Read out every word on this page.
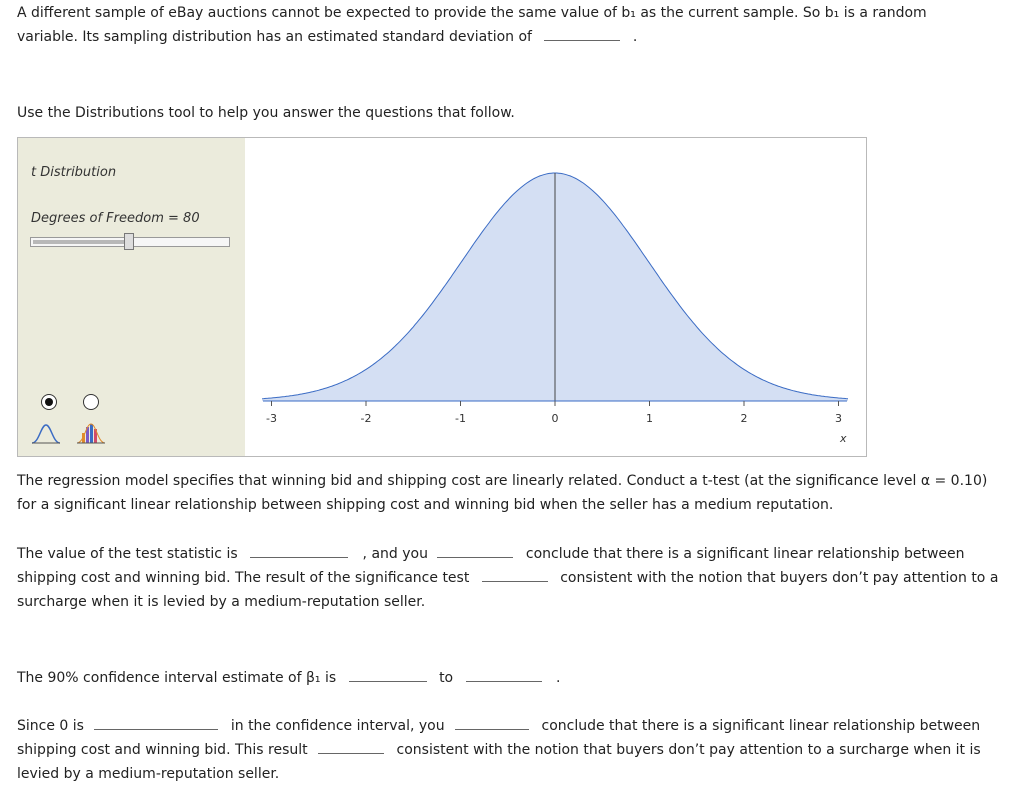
A different sample of eBay auctions cannot be expected to provide the same value of b₁ as the current sample. So b₁ is a random
variable. Its sampling distribution has an estimated standard deviation of	.
Use the Distributions tool to help you answer the questions that follow.
t Distribution
Degrees of Freedom = 80
-3	-2	-1	0	1	2	3
x
The regression model specifies that winning bid and shipping cost are linearly related. Conduct a t-test (at the significance level α = 0.10)
for a significant linear relationship between shipping cost and winning bid when the seller has a medium reputation.
The value of the test statistic is	, and you	conclude that there is a significant linear relationship between
shipping cost and winning bid. The result of the significance test	consistent with the notion that buyers don’t pay attention to a
surcharge when it is levied by a medium-reputation seller.
The 90% confidence interval estimate of β₁ is	to	.
Since 0 is	in the confidence interval, you	conclude that there is a significant linear relationship between
shipping cost and winning bid. This result	consistent with the notion that buyers don’t pay attention to a surcharge when it is
levied by a medium-reputation seller.
